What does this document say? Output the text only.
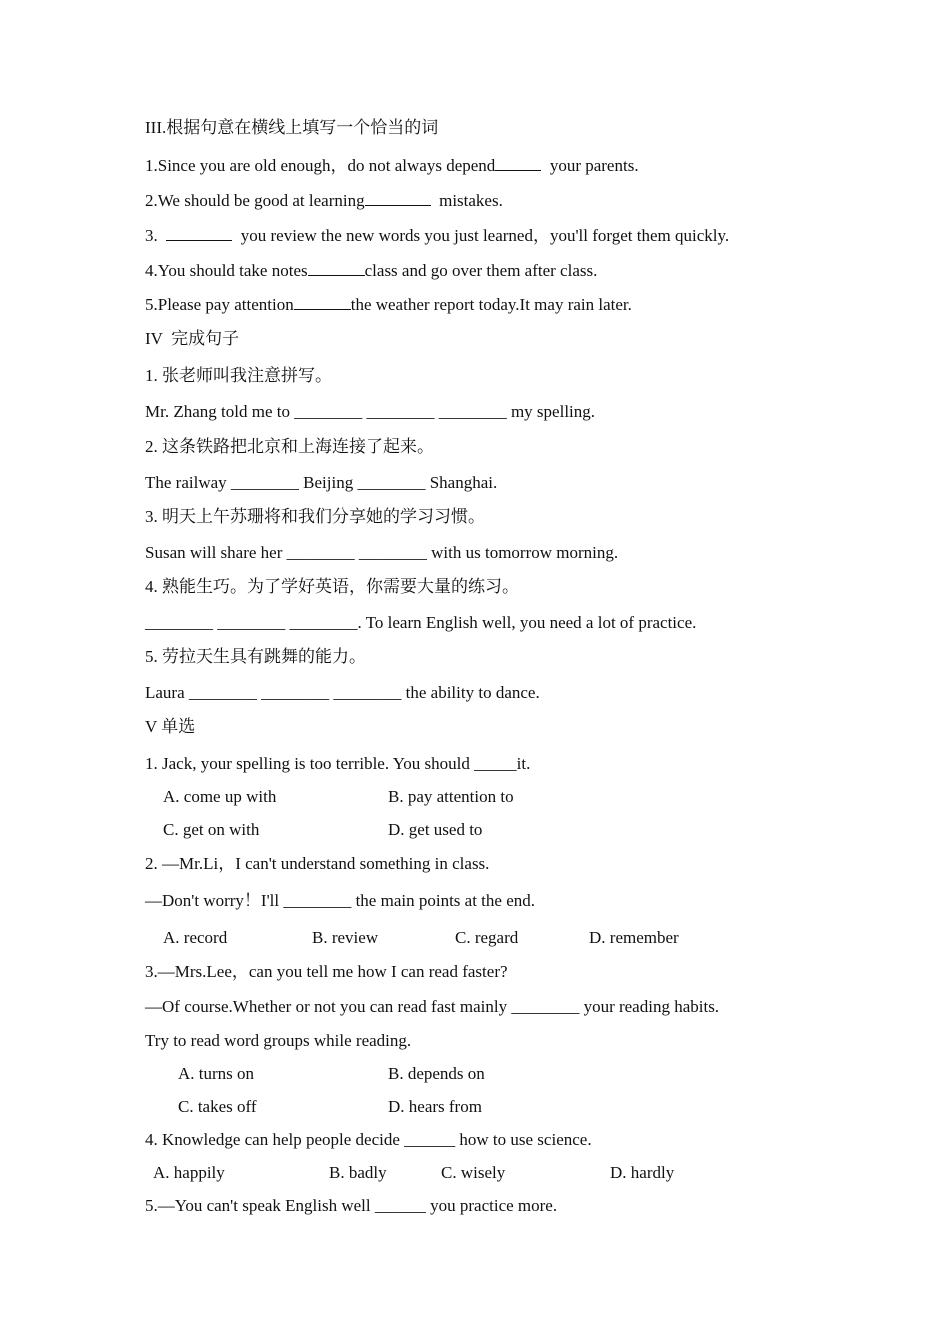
III.根据句意在横线上填写一个恰当的词
1.Since you are old enough，do not always depend	your parents.
2.We should be good at learning	mistakes.
3.	you review the new words you just learned，you'll forget them quickly.
4.You should take notes	class and go over them after class.
5.Please pay attention	the weather report today.It may rain later.
IV  完成句子
1. 张老师叫我注意拼写。
Mr. Zhang told me to ________ ________ ________ my spelling.
2. 这条铁路把北京和上海连接了起来。
The railway ________ Beijing ________ Shanghai.
3. 明天上午苏珊将和我们分享她的学习习惯。
Susan will share her ________ ________ with us tomorrow morning.
4. 熟能生巧。为了学好英语，你需要大量的练习。
________ ________ ________. To learn English well, you need a lot of practice.
5. 劳拉天生具有跳舞的能力。
Laura ________ ________ ________ the ability to dance.
V 单选
1. Jack, your spelling is too terrible. You should _____it.
A. come up with	B. pay attention to
C. get on with	D. get used to
2. —Mr.Li，I can't understand something in class.
—Don't worry！I'll ________ the main points at the end.
A. record	B. review	C. regard	D. remember
3.—Mrs.Lee，can you tell me how I can read faster?
—Of course.Whether or not you can read fast mainly ________ your reading habits.
Try to read word groups while reading.
A. turns on	B. depends on
C. takes off	D. hears from
4. Knowledge can help people decide ______ how to use science.
A. happily	B. badly	C. wisely	D. hardly
5.—You can't speak English well ______ you practice more.
